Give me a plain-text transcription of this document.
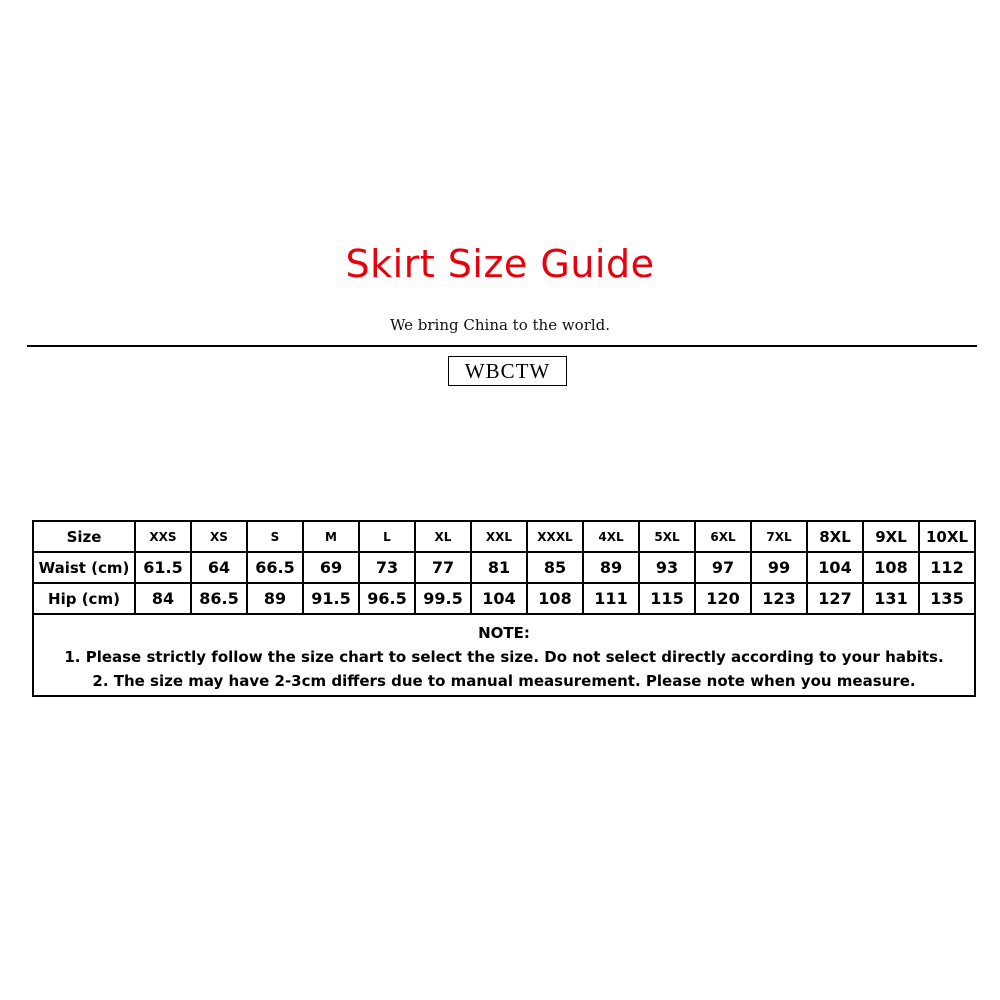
Skirt Size Guide
We bring China to the world.
WBCTW
Size	XXS	XS	S	M	L	XL	XXL	XXXL	4XL	5XL	6XL	7XL	8XL	9XL	10XL
Waist (cm)	61.5	64	66.5	69	73	77	81	85	89	93	97	99	104	108	112
Hip (cm)	84	86.5	89	91.5	96.5	99.5	104	108	111	115	120	123	127	131	135

NOTE:
1. Please strictly follow the size chart to select the size. Do not select directly according to your habits.
2. The size may have 2-3cm differs due to manual measurement. Please note when you measure.															
